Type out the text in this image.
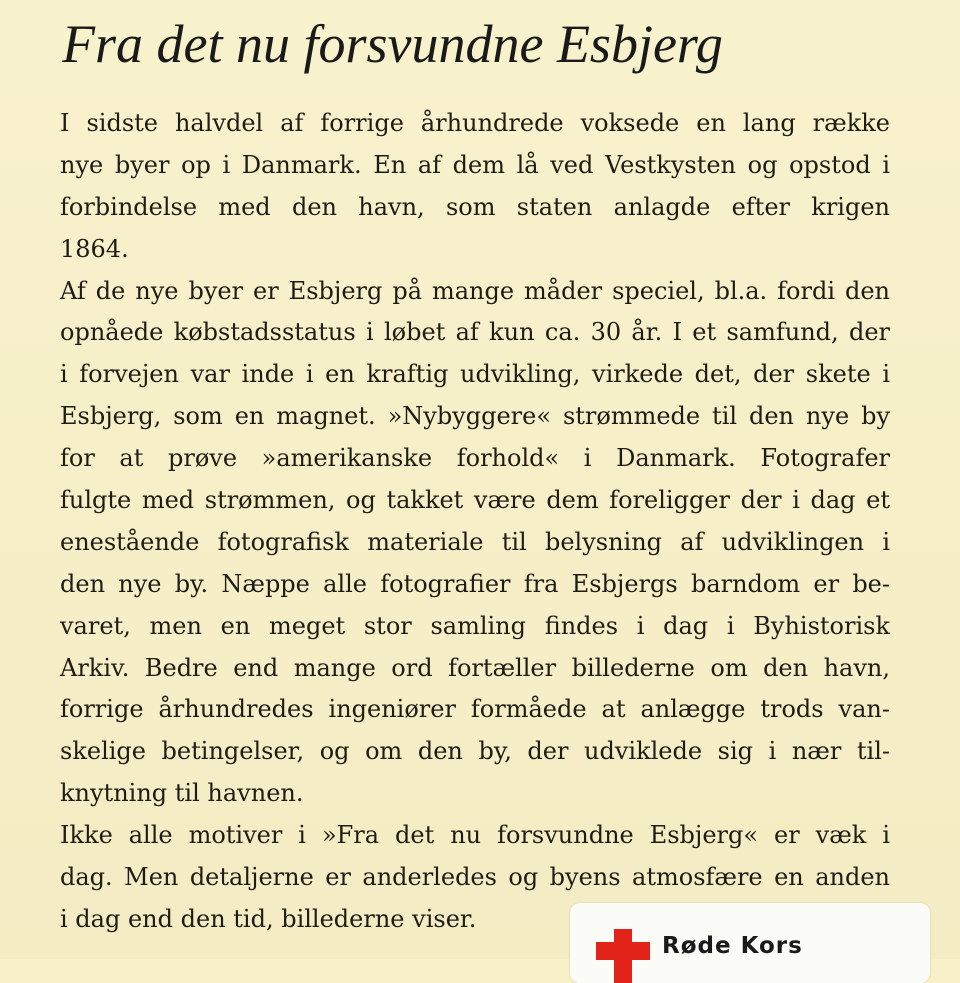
Fra det nu forsvundne Esbjerg
I sidste halvdel af forrige århundrede voksede en lang række
nye byer op i Danmark. En af dem lå ved Vestkysten og opstod i
forbindelse med den havn, som staten anlagde efter krigen
1864.
Af de nye byer er Esbjerg på mange måder speciel, bl.a. fordi den
opnåede købstadsstatus i løbet af kun ca. 30 år. I et samfund, der
i forvejen var inde i en kraftig udvikling, virkede det, der skete i
Esbjerg, som en magnet. »Nybyggere« strømmede til den nye by
for at prøve »amerikanske forhold« i Danmark. Fotografer
fulgte med strømmen, og takket være dem foreligger der i dag et
enestående fotografisk materiale til belysning af udviklingen i
den nye by. Næppe alle fotografier fra Esbjergs barndom er be-
varet, men en meget stor samling findes i dag i Byhistorisk
Arkiv. Bedre end mange ord fortæller billederne om den havn,
forrige århundredes ingeniører formåede at anlægge trods van-
skelige betingelser, og om den by, der udviklede sig i nær til-
knytning til havnen.
Ikke alle motiver i »Fra det nu forsvundne Esbjerg« er væk i
dag. Men detaljerne er anderledes og byens atmosfære en anden
i dag end den tid, billederne viser.
Røde Kors
